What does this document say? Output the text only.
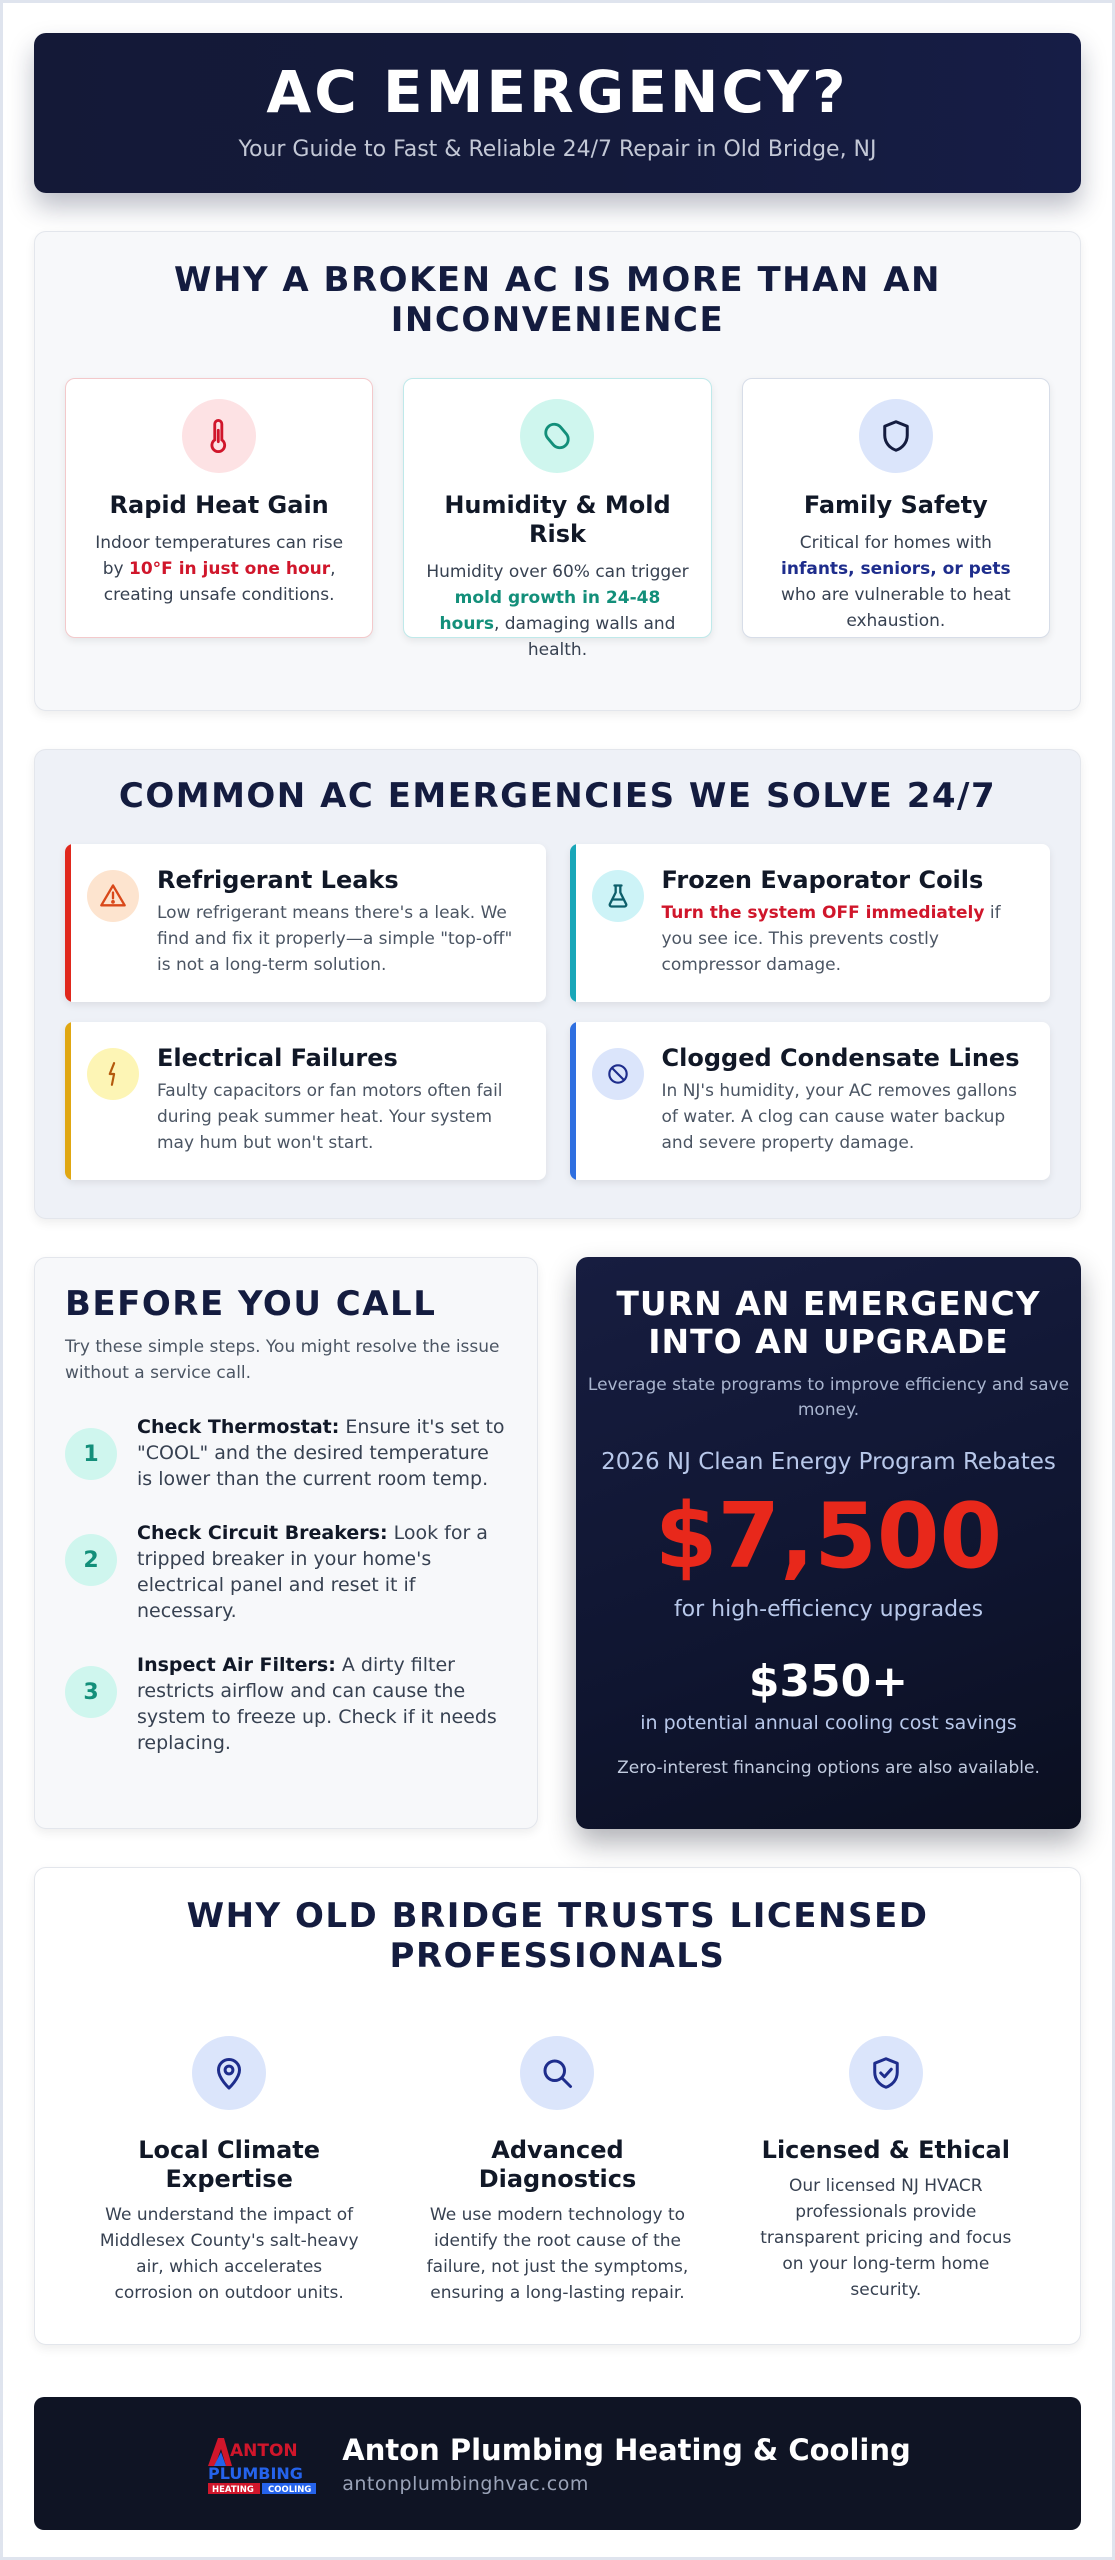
AC EMERGENCY?

Your Guide to Fast & Reliable 24/7 Repair in Old Bridge, NJ

WHY A BROKEN AC IS MORE THAN AN INCONVENIENCE
Rapid Heat Gain

Indoor temperatures can rise by 10°F in just one hour, creating unsafe conditions.

Humidity & Mold Risk

Humidity over 60% can trigger mold growth in 24-48 hours, damaging walls and health.

Family Safety

Critical for homes with infants, seniors, or pets who are vulnerable to heat exhaustion.

COMMON AC EMERGENCIES WE SOLVE 24/7
Refrigerant Leaks

Low refrigerant means there's a leak. We find and fix it properly—a simple "top-off" is not a long-term solution.

Frozen Evaporator Coils

Turn the system OFF immediately if you see ice. This prevents costly compressor damage.

Electrical Failures

Faulty capacitors or fan motors often fail during peak summer heat. Your system may hum but won't start.

Clogged Condensate Lines

In NJ's humidity, your AC removes gallons of water. A clog can cause water backup and severe property damage.

BEFORE YOU CALL

Try these simple steps. You might resolve the issue without a service call.

1

Check Thermostat: Ensure it's set to "COOL" and the desired temperature is lower than the current room temp.

2

Check Circuit Breakers: Look for a tripped breaker in your home's electrical panel and reset it if necessary.

3

Inspect Air Filters: A dirty filter restricts airflow and can cause the system to freeze up. Check if it needs replacing.

TURN AN EMERGENCY INTO AN UPGRADE

Leverage state programs to improve efficiency and save money.

2026 NJ Clean Energy Program Rebates

$7,500

for high-efficiency upgrades

$350+

in potential annual cooling cost savings

Zero-interest financing options are also available.

WHY OLD BRIDGE TRUSTS LICENSED PROFESSIONALS
Local Climate Expertise

We understand the impact of Middlesex County's salt-heavy air, which accelerates corrosion on outdoor units.

Advanced Diagnostics

We use modern technology to identify the root cause of the failure, not just the symptoms, ensuring a long-lasting repair.

Licensed & Ethical

Our licensed NJ HVACR professionals provide transparent pricing and focus on your long-term home security.

ANTON
PLUMBING
HEATING COOLING
Anton Plumbing Heating & Cooling
antonplumbinghvac.com
